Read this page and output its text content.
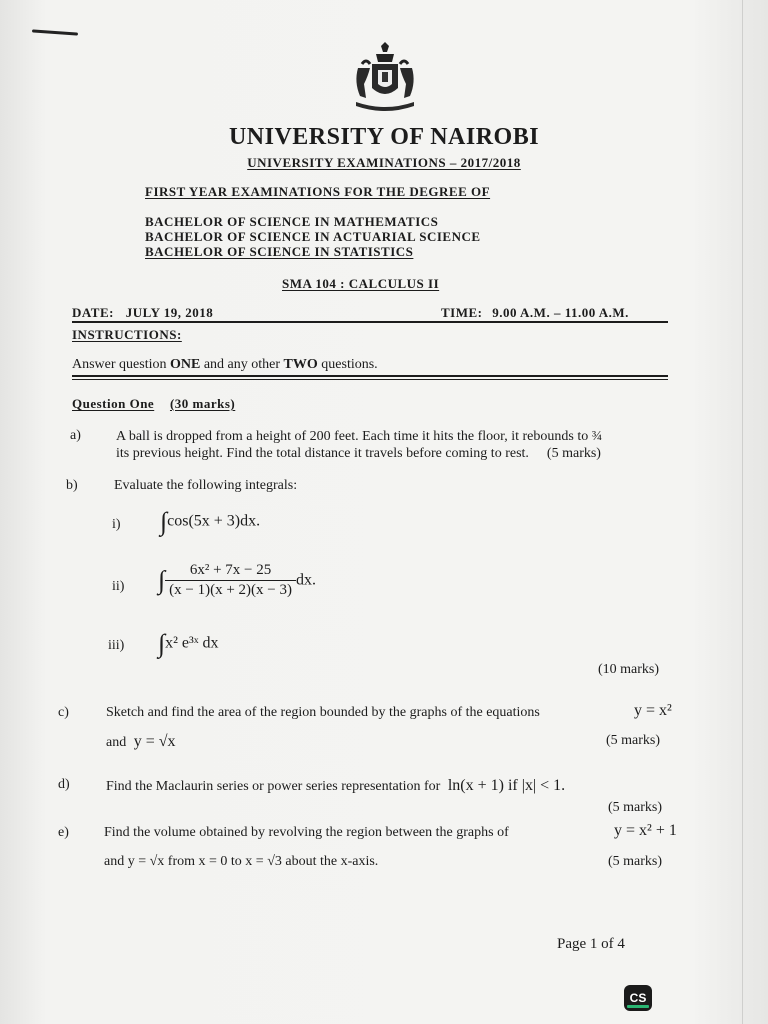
UNIVERSITY OF NAIROBI
UNIVERSITY EXAMINATIONS – 2017/2018
FIRST YEAR EXAMINATIONS FOR THE DEGREE OF
BACHELOR OF SCIENCE IN MATHEMATICS
BACHELOR OF SCIENCE IN ACTUARIAL SCIENCE
BACHELOR OF SCIENCE IN STATISTICS
SMA 104 : CALCULUS II
DATE: JULY 19, 2018	TIME: 9.00 A.M. – 11.00 A.M.
INSTRUCTIONS:
Answer question ONE and any other TWO questions.
Question One (30 marks)
a)	A ball is dropped from a height of 200 feet. Each time it hits the floor, it rebounds to ¾
its previous height. Find the total distance it travels before coming to rest. (5 marks)
b)	Evaluate the following integrals:
i) ∫cos(5x + 3)dx.
ii) ∫ $\frac{\text{6x² + 7x − 25}}{(x - 1)(x + 2)(x - 3)}$ dx.
iii) ∫x² e³ˣ dx
(10 marks)
c)	Sketch and find the area of the region bounded by the graphs of the equations	y = x²
and y = √x	(5 marks)
d)	Find the Maclaurin series or power series representation for ln(x + 1) if |x| < 1.
(5 marks)
e)	Find the volume obtained by revolving the region between the graphs of	y = x² + 1
and y = √x from x = 0 to x = √3 about the x-axis.	(5 marks)
Page 1 of 4
CS
